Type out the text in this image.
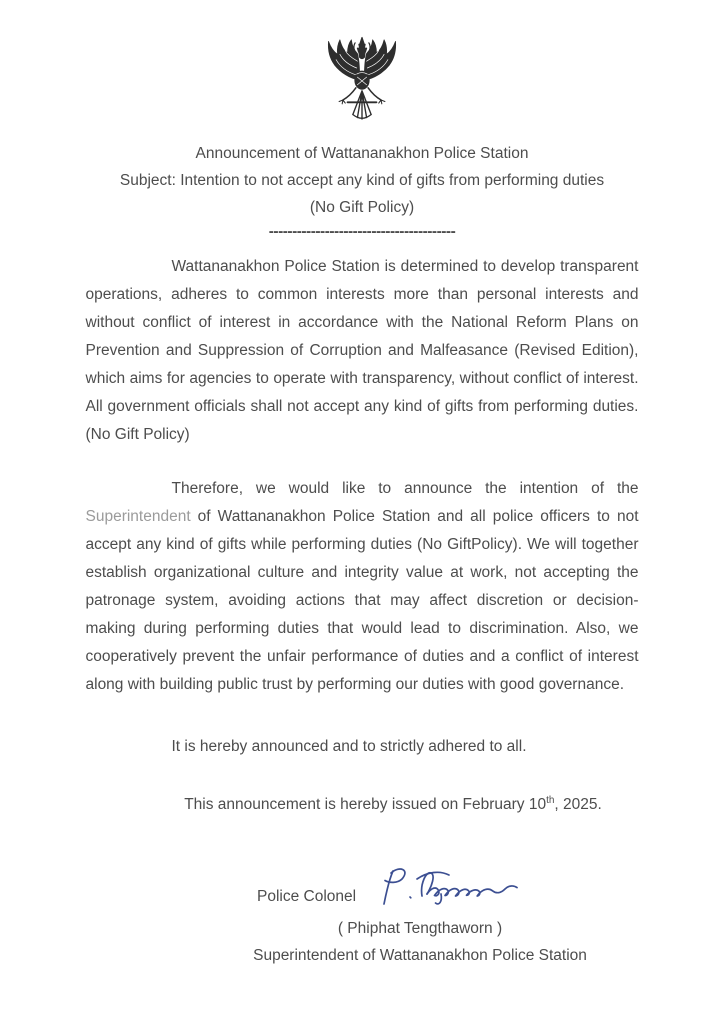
Announcement of Wattananakhon Police Station
Subject: Intention to not accept any kind of gifts from performing duties
(No Gift Policy)
----------------------------------------

Wattananakhon Police Station is determined to develop transparent operations, adheres to common interests more than personal interests and without conflict of interest in accordance with the National Reform Plans on Prevention and Suppression of Corruption and Malfeasance (Revised Edition), which aims for agencies to operate with transparency, without conflict of interest. All government officials shall not accept any kind of gifts from performing duties. (No Gift Policy)

Therefore, we would like to announce the intention of the Superintendent of Wattananakhon Police Station and all police officers to not accept any kind of gifts while performing duties (No GiftPolicy). We will together establish organizational culture and integrity value at work, not accepting the patronage system, avoiding actions that may affect discretion or decision-making during performing duties that would lead to discrimination. Also, we cooperatively prevent the unfair performance of duties and a conflict of interest along with building public trust by performing our duties with good governance.

It is hereby announced and to strictly adhered to all.
This announcement is hereby issued on February 10th, 2025.
Police Colonel
( Phiphat Tengthaworn )
Superintendent of Wattananakhon Police Station
